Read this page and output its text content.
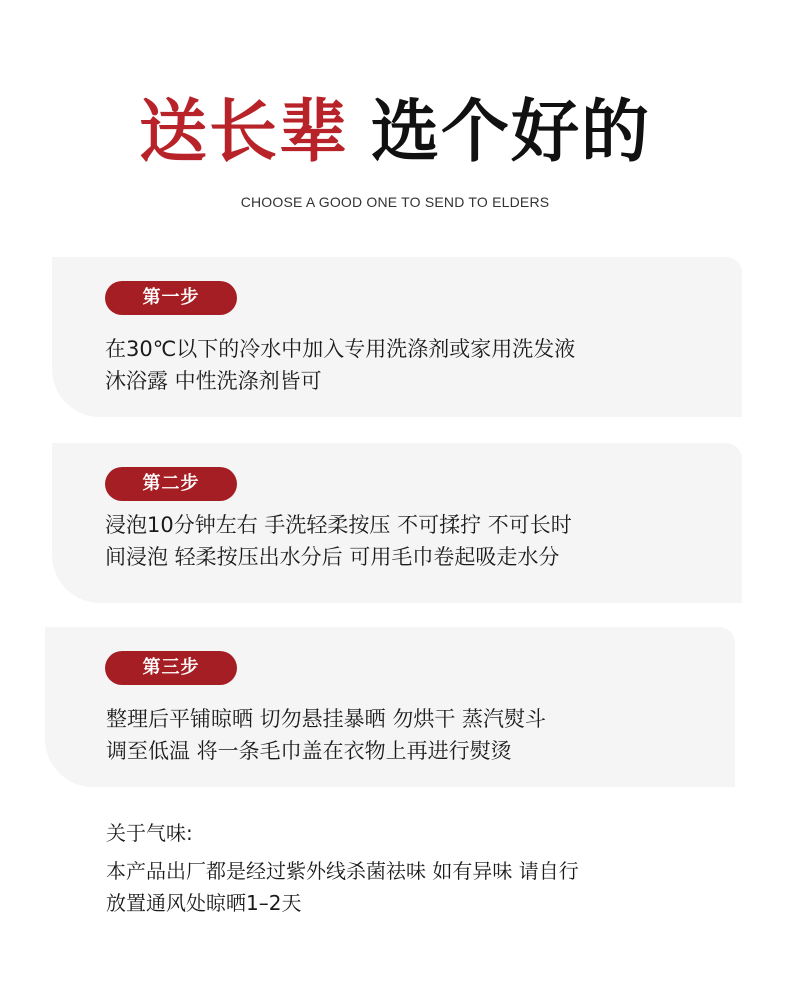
送长辈 选个好的
CHOOSE A GOOD ONE TO SEND TO ELDERS
第一步
在30℃以下的冷水中加入专用洗涤剂或家用洗发液
沐浴露 中性洗涤剂皆可
第二步
浸泡10分钟左右 手洗轻柔按压 不可揉拧 不可长时
间浸泡 轻柔按压出水分后 可用毛巾卷起吸走水分
第三步
整理后平铺晾晒 切勿悬挂暴晒 勿烘干 蒸汽熨斗
调至低温 将一条毛巾盖在衣物上再进行熨烫
关于气味:
本产品出厂都是经过紫外线杀菌祛味 如有异味 请自行
放置通风处晾晒1–2天
